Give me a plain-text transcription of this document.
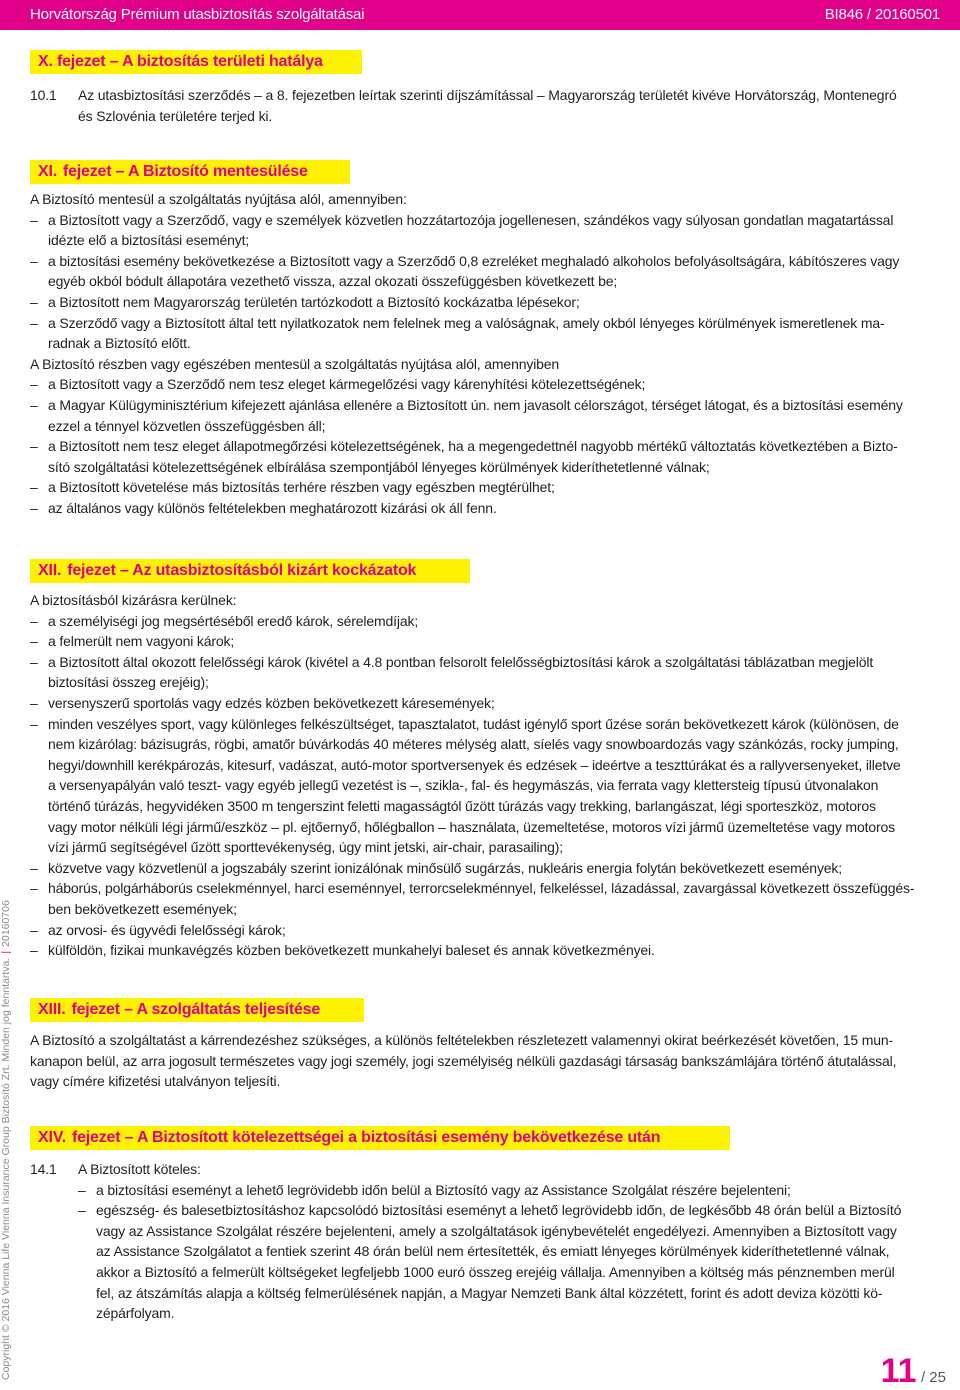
Horvátország Prémium utasbiztosítás szolgáltatásai	BI846 / 20160501
X. fejezet – A biztosítás területi hatálya
10.1 Az utasbiztosítási szerződés – a 8. fejezetben leírtak szerinti díjszámítással – Magyarország területét kivéve Horvátország, Montenegró

és Szlovénia területére terjed ki.

XI. fejezet – A Biztosító mentesülése

A Biztosító mentesül a szolgáltatás nyújtása alól, amennyiben:

– a Biztosított vagy a Szerződő, vagy e személyek közvetlen hozzátartozója jogellenesen, szándékos vagy súlyosan gondatlan magatartással

idézte elő a biztosítási eseményt;

– a biztosítási esemény bekövetkezése a Biztosított vagy a Szerződő 0,8 ezreléket meghaladó alkoholos befolyásoltságára, kábítószeres vagy

egyéb okból bódult állapotára vezethető vissza, azzal okozati összefüggésben következett be;

– a Biztosított nem Magyarország területén tartózkodott a Biztosító kockázatba lépésekor;

– a Szerződő vagy a Biztosított által tett nyilatkozatok nem felelnek meg a valóságnak, amely okból lényeges körülmények ismeretlenek ma-

radnak a Biztosító előtt.

A Biztosító részben vagy egészében mentesül a szolgáltatás nyújtása alól, amennyiben

– a Biztosított vagy a Szerződő nem tesz eleget kármegelőzési vagy kárenyhítési kötelezettségének;

– a Magyar Külügyminisztérium kifejezett ajánlása ellenére a Biztosított ún. nem javasolt célországot, térséget látogat, és a biztosítási esemény

ezzel a ténnyel közvetlen összefüggésben áll;

– a Biztosított nem tesz eleget állapotmegőrzési kötelezettségének, ha a megengedettnél nagyobb mértékű változtatás következtében a Bizto-

sító szolgáltatási kötelezettségének elbírálása szempontjából lényeges körülmények kideríthetetlenné válnak;

– a Biztosított követelése más biztosítás terhére részben vagy egészben megtérülhet;

– az általános vagy különös feltételekben meghatározott kizárási ok áll fenn.

XII. fejezet – Az utasbiztosításból kizárt kockázatok

A biztosításból kizárásra kerülnek:

– a személyiségi jog megsértéséből eredő károk, sérelemdíjak;

– a felmerült nem vagyoni károk;

– a Biztosított által okozott felelősségi károk (kivétel a 4.8 pontban felsorolt felelősségbiztosítási károk a szolgáltatási táblázatban megjelölt

biztosítási összeg erejéig);

– versenyszerű sportolás vagy edzés közben bekövetkezett káresemények;

– minden veszélyes sport, vagy különleges felkészültséget, tapasztalatot, tudást igénylő sport űzése során bekövetkezett károk (különösen, de

nem kizárólag: bázisugrás, rögbi, amatőr búvárkodás 40 méteres mélység alatt, síelés vagy snowboardozás vagy szánkózás, rocky jumping,

hegyi/downhill kerékpározás, kitesurf, vadászat, autó-motor sportversenyek és edzések – ideértve a teszttúrákat és a rallyversenyeket, illetve

a versenyapályán való teszt- vagy egyéb jellegű vezetést is –, szikla-, fal- és hegymászás, via ferrata vagy klettersteig típusú útvonalakon

történő túrázás, hegyvidéken 3500 m tengerszint feletti magasságtól űzött túrázás vagy trekking, barlangászat, légi sporteszköz, motoros

vagy motor nélküli légi jármű/eszköz – pl. ejtőernyő, hőlégballon – használata, üzemeltetése, motoros vízi jármű üzemeltetése vagy motoros

vízi jármű segítségével űzött sporttevékenység, úgy mint jetski, air-chair, parasailing);

– közvetve vagy közvetlenül a jogszabály szerint ionizálónak minősülő sugárzás, nukleáris energia folytán bekövetkezett események;

– háborús, polgárháborús cselekménnyel, harci eseménnyel, terrorcselekménnyel, felkeléssel, lázadással, zavargással következett összefüggés-

ben bekövetkezett események;

– az orvosi- és ügyvédi felelősségi károk;

– külföldön, fizikai munkavégzés közben bekövetkezett munkahelyi baleset és annak következményei.

XIII. fejezet – A szolgáltatás teljesítése

A Biztosító a szolgáltatást a kárrendezéshez szükséges, a különös feltételekben részletezett valamennyi okirat beérkezését követően, 15 mun-

kanapon belül, az arra jogosult természetes vagy jogi személy, jogi személyiség nélküli gazdasági társaság bankszámlájára történő átutalással,

vagy címére kifizetési utalványon teljesíti.

XIV. fejezet – A Biztosított kötelezettségei a biztosítási esemény bekövetkezése után
14.1 A Biztosított köteles:

– a biztosítási eseményt a lehető legrövidebb időn belül a Biztosító vagy az Assistance Szolgálat részére bejelenteni;

– egészség- és balesetbiztosításhoz kapcsolódó biztosítási eseményt a lehető legrövidebb időn, de legkésőbb 48 órán belül a Biztosító

vagy az Assistance Szolgálat részére bejelenteni, amely a szolgáltatások igénybevételét engedélyezi. Amennyiben a Biztosított vagy

az Assistance Szolgálatot a fentiek szerint 48 órán belül nem értesítették, és emiatt lényeges körülmények kideríthetetlenné válnak,

akkor a Biztosító a felmerült költségeket legfeljebb 1000 euró összeg erejéig vállalja. Amennyiben a költség más pénznemben merül

fel, az átszámítás alapja a költség felmerülésének napján, a Magyar Nemzeti Bank által közzétett, forint és adott deviza közötti kö-

zépárfolyam.

Copyright © 2016 Vienna Life Vienna Insurance Group Biztosító Zrt. Minden jog fenntartva.|20160706
11 / 25
